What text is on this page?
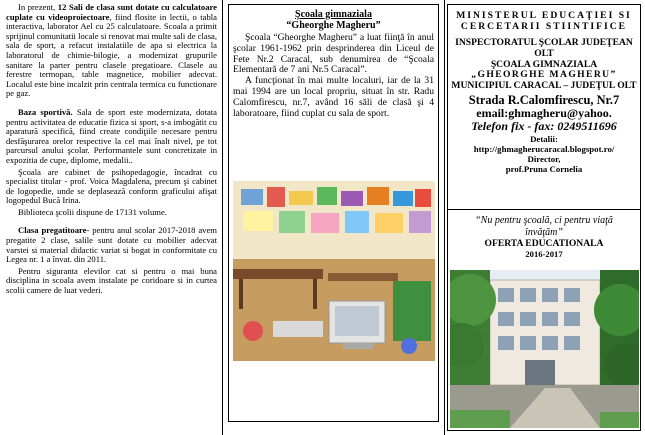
In prezent, 12 Sali de clasa sunt dotate cu calculatoare cuplate cu videoproiectoare, fiind flosite in lectii, o tabla interactiva, laborator Ael cu 25 calculatoare. Scoala a primit sprijinul comunitatii locale si renovat mai multe sali de clasa, sala de sport, a refacut instalatiile de apa si electrica la laboratorul de chimie-bilogie, a modernizat grupurile sanitare la parter pentru clasele pregatioare. Clasele au ferestre termopan, table magnetice, mobilier adecvat. Localul este bine incalzit prin centrala termica cu functionare pe gaz.

Baza sportivă. Sala de sport este modernizata, dotata pentru activitatea de educatie fizica si sport, s-a imbogătit cu aparatură specifică, fiind create condiţiile necesare pentru desfăşurarea orelor respective la cel mai înalt nivel, pe tot parcursul anului şcolar. Performantele sunt concretizate in expozitia de cupe, diplome, medalii..

Şcoala are cabinet de psihopedagogie, încadrat cu specialist titular - prof. Voica Magdalena, precum şi cabinet de logopedie, unde se deplasează conform graficului afişat logopedul Bucă Irina.

Biblioteca şcolii dispune de 17131 volume.

Clasa pregatitoare- pentru anul scolar 2017-2018 avem pregatite 2 clase, salile sunt dotate cu mobilier adecvat varstei si material didactic variat si bogat in conformitate cu Legea nr. 1 a învat. din 2011.

Pentru siguranta elevilor cat si pentru o mai buna disciplina in scoala avem instalate pe coridoare si in curtea scolii camere de luat vederi.

Şcoala gimnaziala
“Gheorghe Magheru”

Şcoala “Gheorghe Magheru” a luat fiinţă în anul şcolar 1961-1962 prin desprinderea din Liceul de Fete Nr.2 Caracal, sub denumirea de “Şcoala Elementară de 7 ani Nr.5 Caracal”.

A funcţionat în mai multe localuri, iar de la 31 mai 1994 are un local propriu, situat în str. Radu Calomfirescu, nr.7, având 16 săli de clasă şi 4 laboratoare, fiind cuplat cu sala de sport.

MINISTERUL EDUCAŢIEI SI CERCETARII STIINTIFICE
INSPECTORATUL ŞCOLAR JUDEŢEAN OLT
ŞCOALA GIMNAZIALA
„GHEORGHE MAGHERU”
MUNICIPIUL CARACAL – JUDEŢUL OLT
Strada R.Calomfirescu, Nr.7
email:ghmagheru@yahoo.
Telefon fix - fax: 0249511696
Detalii:
http://ghmagherucaracal.blogspot.ro/
Director,
prof.Pruna Cornelia
“Nu pentru şcoală, ci pentru viaţă învăţăm”
OFERTA EDUCATIONALA
2016-2017
